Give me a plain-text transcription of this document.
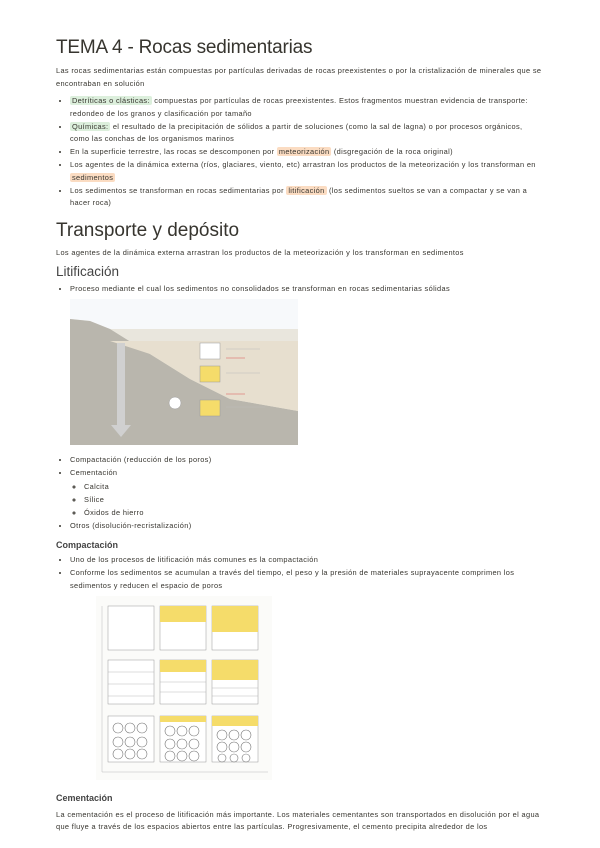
TEMA 4 - Rocas sedimentarias

Las rocas sedimentarias están compuestas por partículas derivadas de rocas preexistentes o por la cristalización de minerales que se encontraban en solución

• Detríticas o clásticas: compuestas por partículas de rocas preexistentes. Estos fragmentos muestran evidencia de transporte: redondeo de los granos y clasificación por tamaño
• Químicas: el resultado de la precipitación de sólidos a partir de soluciones (como la sal de lagna) o por procesos orgánicos, como las conchas de los organismos marinos
• En la superficie terrestre, las rocas se descomponen por meteorización (disgregación de la roca original)
• Los agentes de la dinámica externa (ríos, glaciares, viento, etc) arrastran los productos de la meteorización y los transforman en sedimentos
• Los sedimentos se transforman en rocas sedimentarias por litificación (los sedimentos sueltos se van a compactar y se van a hacer roca)
Transporte y depósito

Los agentes de la dinámica externa arrastran los productos de la meteorización y los transforman en sedimentos

Litificación
• Proceso mediante el cual los sedimentos no consolidados se transforman en rocas sedimentarias sólidas
• Compactación (reducción de los poros)
• Cementación
◦ Calcita
◦ Sílice
◦ Óxidos de hierro
• Otros (disolución-recristalización)
Compactación
• Uno de los procesos de litificación más comunes es la compactación
• Conforme los sedimentos se acumulan a través del tiempo, el peso y la presión de materiales suprayacente comprimen los sedimentos y reducen el espacio de poros
Cementación

La cementación es el proceso de litificación más importante. Los materiales cementantes son transportados en disolución por el agua que fluye a través de los espacios abiertos entre las partículas. Progresivamente, el cemento precipita alrededor de los
